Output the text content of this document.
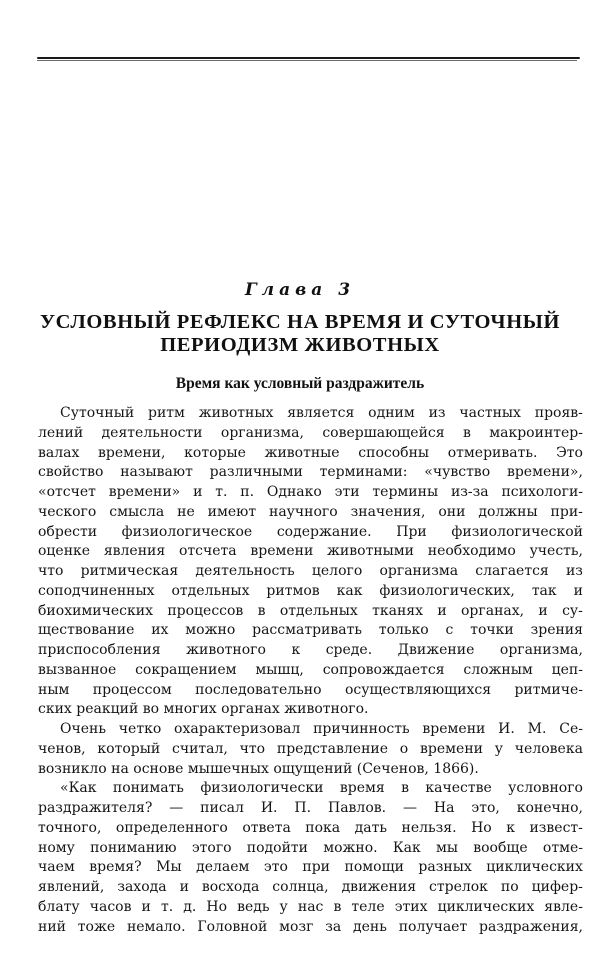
Глава 3
УСЛОВНЫЙ РЕФЛЕКС НА ВРЕМЯ И СУТОЧНЫЙ
ПЕРИОДИЗМ ЖИВОТНЫХ
Время как условный раздражитель
Суточный ритм животных является одним из частных прояв-
лений деятельности организма, совершающейся в макроинтер-
валах времени, которые животные способны отмеривать. Это
свойство называют различными терминами: «чувство времени»,
«отсчет времени» и т. п. Однако эти термины из-за психологи-
ческого смысла не имеют научного значения, они должны при-
обрести физиологическое содержание. При физиологической
оценке явления отсчета времени животными необходимо учесть,
что ритмическая деятельность целого организма слагается из
соподчиненных отдельных ритмов как физиологических, так и
биохимических процессов в отдельных тканях и органах, и су-
ществование их можно рассматривать только с точки зрения
приспособления животного к среде. Движение организма,
вызванное сокращением мышц, сопровождается сложным цеп-
ным процессом последовательно осуществляющихся ритмиче-
ских реакций во многих органах животного.
Очень четко охарактеризовал причинность времени И. М. Се-
ченов, который считал, что представление о времени у человека
возникло на основе мышечных ощущений (Сеченов, 1866).
«Как понимать физиологически время в качестве условного
раздражителя? — писал И. П. Павлов. — На это, конечно,
точного, определенного ответа пока дать нельзя. Но к извест-
ному пониманию этого подойти можно. Как мы вообще отме-
чаем время? Мы делаем это при помощи разных циклических
явлений, захода и восхода солнца, движения стрелок по цифер-
блату часов и т. д. Но ведь у нас в теле этих циклических явле-
ний тоже немало. Головной мозг за день получает раздражения,
